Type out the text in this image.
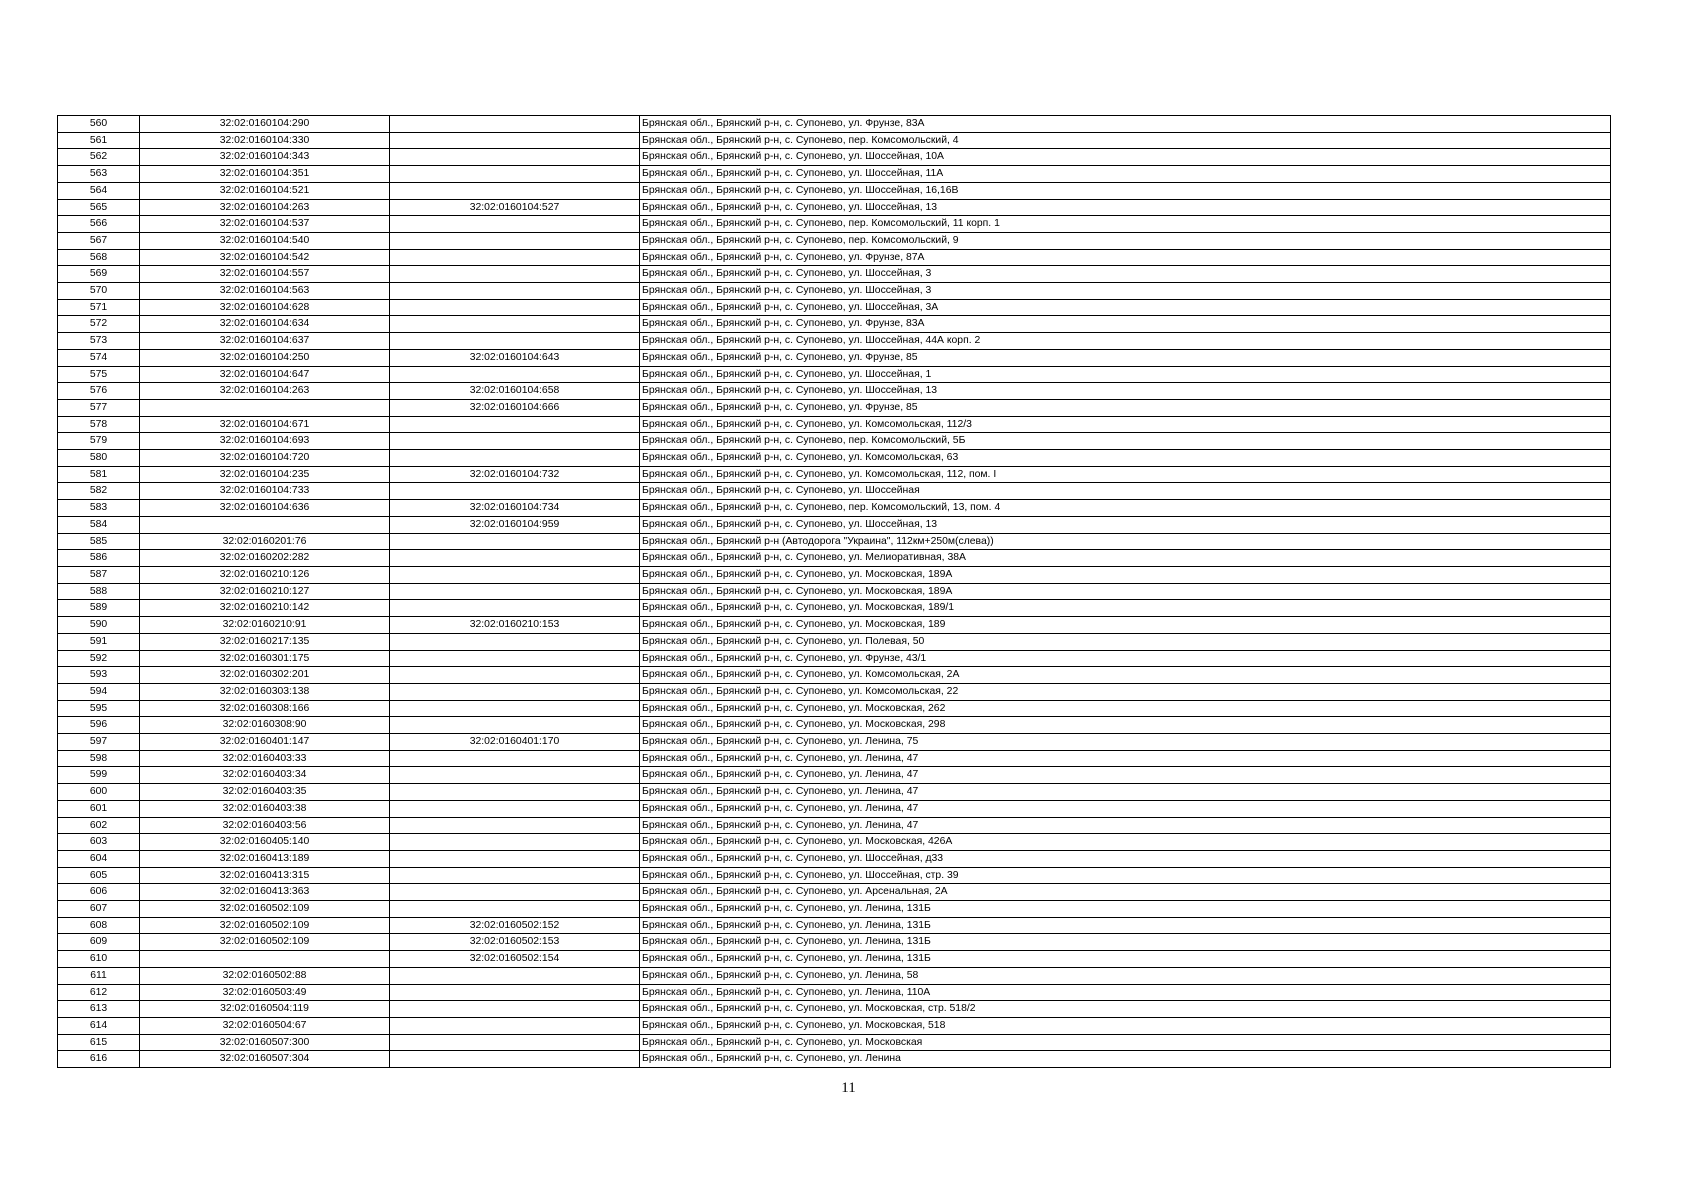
560	32:02:0160104:290		Брянская обл., Брянский р-н, с. Супонево, ул. Фрунзе, 83А
561	32:02:0160104:330		Брянская обл., Брянский р-н, с. Супонево, пер. Комсомольский, 4
562	32:02:0160104:343		Брянская обл., Брянский р-н, с. Супонево, ул. Шоссейная, 10А
563	32:02:0160104:351		Брянская обл., Брянский р-н, с. Супонево, ул. Шоссейная, 11А
564	32:02:0160104:521		Брянская обл., Брянский р-н, с. Супонево, ул. Шоссейная, 16,16В
565	32:02:0160104:263	32:02:0160104:527	Брянская обл., Брянский р-н, с. Супонево, ул. Шоссейная, 13
566	32:02:0160104:537		Брянская обл., Брянский р-н, с. Супонево, пер. Комсомольский, 11 корп. 1
567	32:02:0160104:540		Брянская обл., Брянский р-н, с. Супонево, пер. Комсомольский, 9
568	32:02:0160104:542		Брянская обл., Брянский р-н, с. Супонево, ул. Фрунзе, 87А
569	32:02:0160104:557		Брянская обл., Брянский р-н, с. Супонево, ул. Шоссейная, 3
570	32:02:0160104:563		Брянская обл., Брянский р-н, с. Супонево, ул. Шоссейная, 3
571	32:02:0160104:628		Брянская обл., Брянский р-н, с. Супонево, ул. Шоссейная, 3А
572	32:02:0160104:634		Брянская обл., Брянский р-н, с. Супонево, ул. Фрунзе, 83А
573	32:02:0160104:637		Брянская обл., Брянский р-н, с. Супонево, ул. Шоссейная, 44А корп. 2
574	32:02:0160104:250	32:02:0160104:643	Брянская обл., Брянский р-н, с. Супонево, ул. Фрунзе, 85
575	32:02:0160104:647		Брянская обл., Брянский р-н, с. Супонево, ул. Шоссейная, 1
576	32:02:0160104:263	32:02:0160104:658	Брянская обл., Брянский р-н, с. Супонево, ул. Шоссейная, 13
577		32:02:0160104:666	Брянская обл., Брянский р-н, с. Супонево, ул. Фрунзе, 85
578	32:02:0160104:671		Брянская обл., Брянский р-н, с. Супонево, ул. Комсомольская, 112/3
579	32:02:0160104:693		Брянская обл., Брянский р-н, с. Супонево, пер. Комсомольский, 5Б
580	32:02:0160104:720		Брянская обл., Брянский р-н, с. Супонево, ул. Комсомольская, 63
581	32:02:0160104:235	32:02:0160104:732	Брянская обл., Брянский р-н, с. Супонево, ул. Комсомольская, 112, пом. I
582	32:02:0160104:733		Брянская обл., Брянский р-н, с. Супонево, ул. Шоссейная
583	32:02:0160104:636	32:02:0160104:734	Брянская обл., Брянский р-н, с. Супонево, пер. Комсомольский, 13, пом. 4
584		32:02:0160104:959	Брянская обл., Брянский р-н, с. Супонево, ул. Шоссейная, 13
585	32:02:0160201:76		Брянская обл., Брянский р-н (Автодорога "Украина", 112км+250м(слева))
586	32:02:0160202:282		Брянская обл., Брянский р-н, с. Супонево, ул. Мелиоративная, 38А
587	32:02:0160210:126		Брянская обл., Брянский р-н, с. Супонево, ул. Московская, 189А
588	32:02:0160210:127		Брянская обл., Брянский р-н, с. Супонево, ул. Московская, 189А
589	32:02:0160210:142		Брянская обл., Брянский р-н, с. Супонево, ул. Московская, 189/1
590	32:02:0160210:91	32:02:0160210:153	Брянская обл., Брянский р-н, с. Супонево, ул. Московская, 189
591	32:02:0160217:135		Брянская обл., Брянский р-н, с. Супонево, ул. Полевая, 50
592	32:02:0160301:175		Брянская обл., Брянский р-н, с. Супонево, ул. Фрунзе, 43/1
593	32:02:0160302:201		Брянская обл., Брянский р-н, с. Супонево, ул. Комсомольская, 2А
594	32:02:0160303:138		Брянская обл., Брянский р-н, с. Супонево, ул. Комсомольская, 22
595	32:02:0160308:166		Брянская обл., Брянский р-н, с. Супонево, ул. Московская, 262
596	32:02:0160308:90		Брянская обл., Брянский р-н, с. Супонево, ул. Московская, 298
597	32:02:0160401:147	32:02:0160401:170	Брянская обл., Брянский р-н, с. Супонево, ул. Ленина, 75
598	32:02:0160403:33		Брянская обл., Брянский р-н, с. Супонево, ул. Ленина, 47
599	32:02:0160403:34		Брянская обл., Брянский р-н, с. Супонево, ул. Ленина, 47
600	32:02:0160403:35		Брянская обл., Брянский р-н, с. Супонево, ул. Ленина, 47
601	32:02:0160403:38		Брянская обл., Брянский р-н, с. Супонево, ул. Ленина, 47
602	32:02:0160403:56		Брянская обл., Брянский р-н, с. Супонево, ул. Ленина, 47
603	32:02:0160405:140		Брянская обл., Брянский р-н, с. Супонево, ул. Московская, 426А
604	32:02:0160413:189		Брянская обл., Брянский р-н, с. Супонево, ул. Шоссейная, д33
605	32:02:0160413:315		Брянская обл., Брянский р-н, с. Супонево, ул. Шоссейная, стр. 39
606	32:02:0160413:363		Брянская обл., Брянский р-н, с. Супонево, ул. Арсенальная, 2А
607	32:02:0160502:109		Брянская обл., Брянский р-н, с. Супонево, ул. Ленина, 131Б
608	32:02:0160502:109	32:02:0160502:152	Брянская обл., Брянский р-н, с. Супонево, ул. Ленина, 131Б
609	32:02:0160502:109	32:02:0160502:153	Брянская обл., Брянский р-н, с. Супонево, ул. Ленина, 131Б
610		32:02:0160502:154	Брянская обл., Брянский р-н, с. Супонево, ул. Ленина, 131Б
611	32:02:0160502:88		Брянская обл., Брянский р-н, с. Супонево, ул. Ленина, 58
612	32:02:0160503:49		Брянская обл., Брянский р-н, с. Супонево, ул. Ленина, 110А
613	32:02:0160504:119		Брянская обл., Брянский р-н, с. Супонево, ул. Московская, стр. 518/2
614	32:02:0160504:67		Брянская обл., Брянский р-н, с. Супонево, ул. Московская, 518
615	32:02:0160507:300		Брянская обл., Брянский р-н, с. Супонево, ул. Московская
616	32:02:0160507:304		Брянская обл., Брянский р-н, с. Супонево, ул. Ленина
11
